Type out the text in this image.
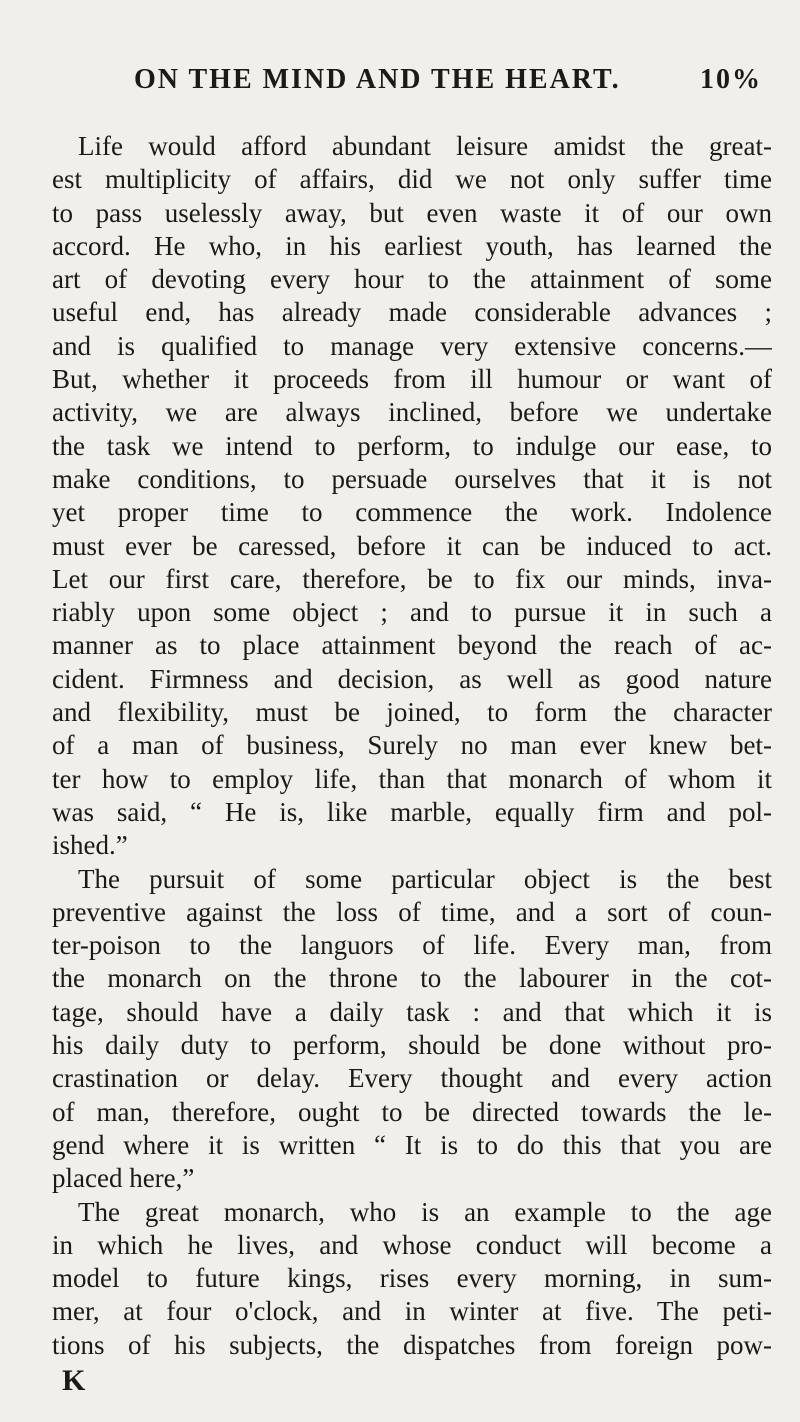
ON THE MIND AND THE HEART.	10%
Life would afford abundant leisure amidst the great-
est multiplicity of affairs, did we not only suffer time
to pass uselessly away, but even waste it of our own
accord. He who, in his earliest youth, has learned the
art of devoting every hour to the attainment of some
useful end, has already made considerable advances ;
and is qualified to manage very extensive concerns.—
But, whether it proceeds from ill humour or want of
activity, we are always inclined, before we undertake
the task we intend to perform, to indulge our ease, to
make conditions, to persuade ourselves that it is not
yet proper time to commence the work. Indolence
must ever be caressed, before it can be induced to act.
Let our first care, therefore, be to fix our minds, inva-
riably upon some object ; and to pursue it in such a
manner as to place attainment beyond the reach of ac-
cident. Firmness and decision, as well as good nature
and flexibility, must be joined, to form the character
of a man of business, Surely no man ever knew bet-
ter how to employ life, than that monarch of whom it
was said, “ He is, like marble, equally firm and pol-
ished.”
The pursuit of some particular object is the best
preventive against the loss of time, and a sort of coun-
ter-poison to the languors of life. Every man, from
the monarch on the throne to the labourer in the cot-
tage, should have a daily task : and that which it is
his daily duty to perform, should be done without pro-
crastination or delay. Every thought and every action
of man, therefore, ought to be directed towards the le-
gend where it is written “ It is to do this that you are
placed here,”
The great monarch, who is an example to the age
in which he lives, and whose conduct will become a
model to future kings, rises every morning, in sum-
mer, at four o'clock, and in winter at five. The peti-
tions of his subjects, the dispatches from foreign pow-
K
